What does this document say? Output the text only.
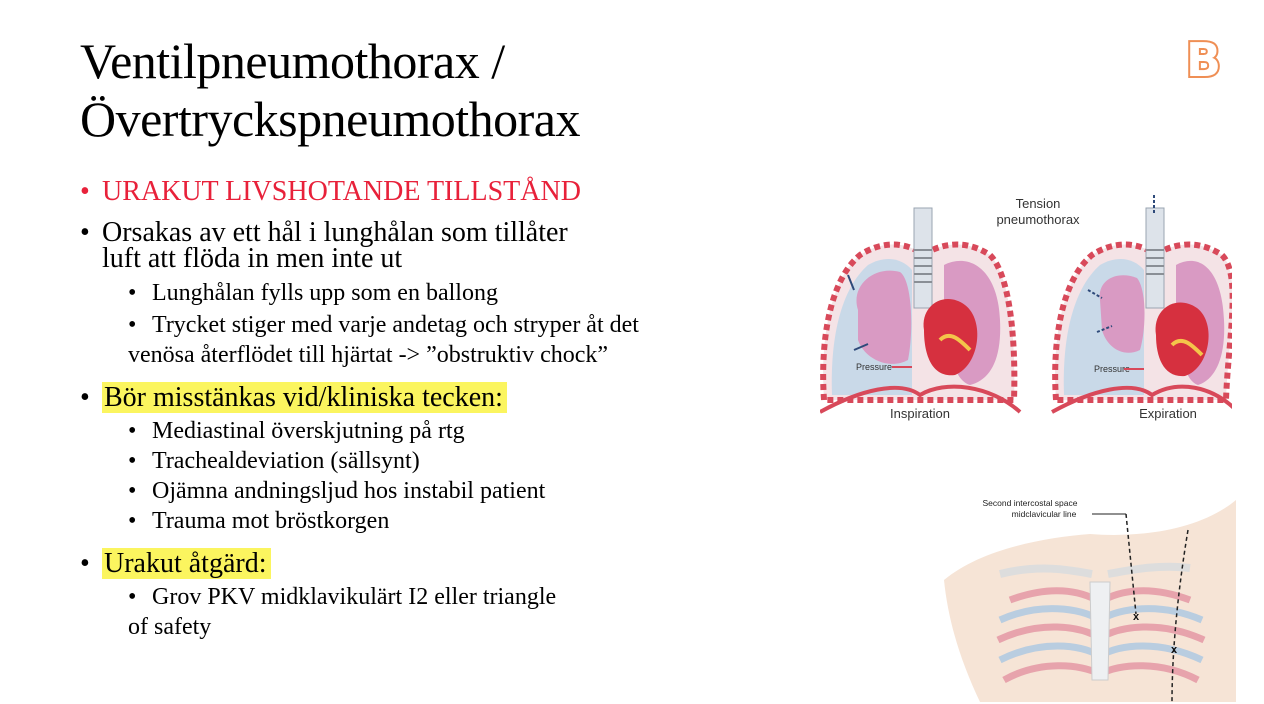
Ventilpneumothorax /
Övertryckspneumothorax
B
• URAKUT LIVSHOTANDE TILLSTÅND
• Orsakas av ett hål i lunghålan som tillåter
luft att flöda in men inte ut
• Lunghålan fylls upp som en ballong
• Trycket stiger med varje andetag och stryper åt det
venösa återflödet till hjärtat -> ”obstruktiv chock”
• Bör misstänkas vid/kliniska tecken:
• Mediastinal överskjutning på rtg
• Trachealdeviation (sällsynt)
• Ojämna andningsljud hos instabil patient
• Trauma mot bröstkorgen
• Urakut åtgärd:
• Grov PKV midklavikulärt I2 eller triangle
of safety
Tension
pneumothorax
Pressure
Inspiration
Pressure
Expiration
Second intercostal space
midclavicular line
x
x
